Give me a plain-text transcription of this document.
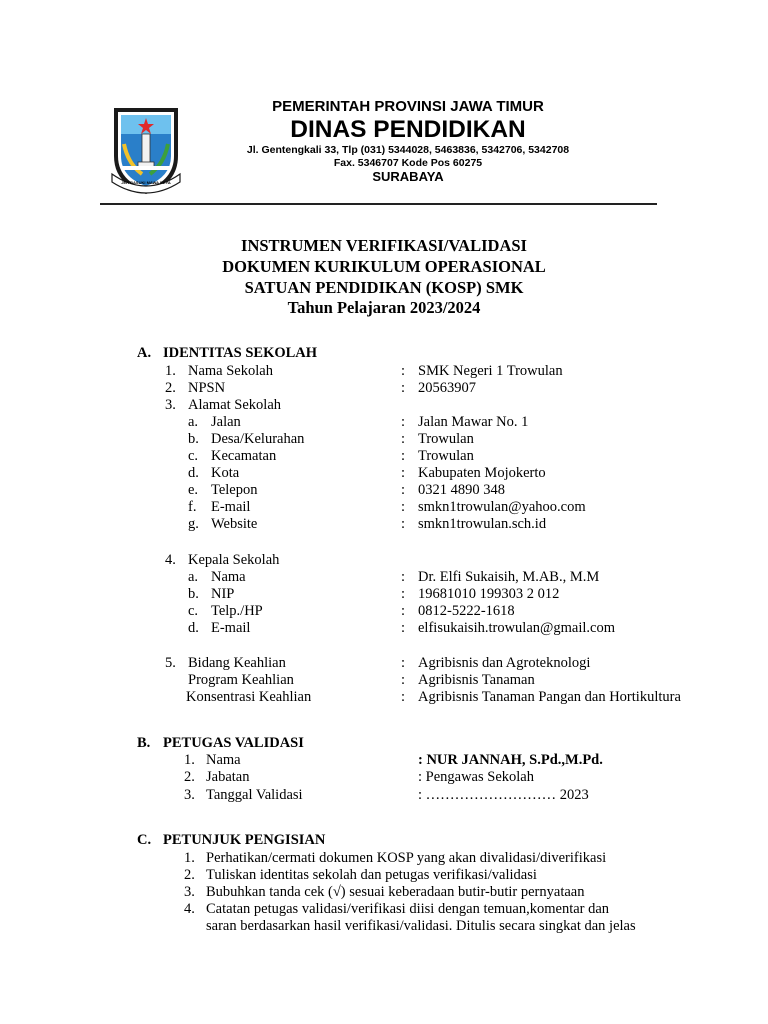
JER BASUKI MAWA BEYA
PEMERINTAH PROVINSI JAWA TIMUR
DINAS PENDIDIKAN
Jl. Gentengkali 33, Tlp (031) 5344028, 5463836, 5342706, 5342708
Fax. 5346707 Kode Pos 60275
SURABAYA
INSTRUMEN VERIFIKASI/VALIDASI
DOKUMEN KURIKULUM OPERASIONAL
SATUAN PENDIDIKAN (KOSP) SMK
Tahun Pelajaran 2023/2024
A. IDENTITAS SEKOLAH
1. Nama Sekolah	: SMK Negeri 1 Trowulan
2. NPSN	: 20563907
3. Alamat Sekolah
a. Jalan	: Jalan Mawar No. 1
b. Desa/Kelurahan	: Trowulan
c. Kecamatan	: Trowulan
d. Kota	: Kabupaten Mojokerto
e. Telepon	: 0321 4890 348
f. E-mail	: smkn1trowulan@yahoo.com
g. Website	: smkn1trowulan.sch.id
4. Kepala Sekolah
a. Nama	: Dr. Elfi Sukaisih, M.AB., M.M
b. NIP	: 19681010 199303 2 012
c. Telp./HP	: 0812-5222-1618
d. E-mail	: elfisukaisih.trowulan@gmail.com
5. Bidang Keahlian	: Agribisnis dan Agroteknologi
Program Keahlian	: Agribisnis Tanaman
Konsentrasi Keahlian	: Agribisnis Tanaman Pangan dan Hortikultura
B. PETUGAS VALIDASI
1. Nama	: NUR JANNAH, S.Pd.,M.Pd.
2. Jabatan	: Pengawas Sekolah
3. Tanggal Validasi	: ……………………… 2023
C. PETUNJUK PENGISIAN
1. Perhatikan/cermati dokumen KOSP yang akan divalidasi/diverifikasi
2. Tuliskan identitas sekolah dan petugas verifikasi/validasi
3. Bubuhkan tanda cek (√) sesuai keberadaan butir-butir pernyataan
4. Catatan petugas validasi/verifikasi diisi dengan temuan,komentar dan
saran berdasarkan hasil verifikasi/validasi. Ditulis secara singkat dan jelas
